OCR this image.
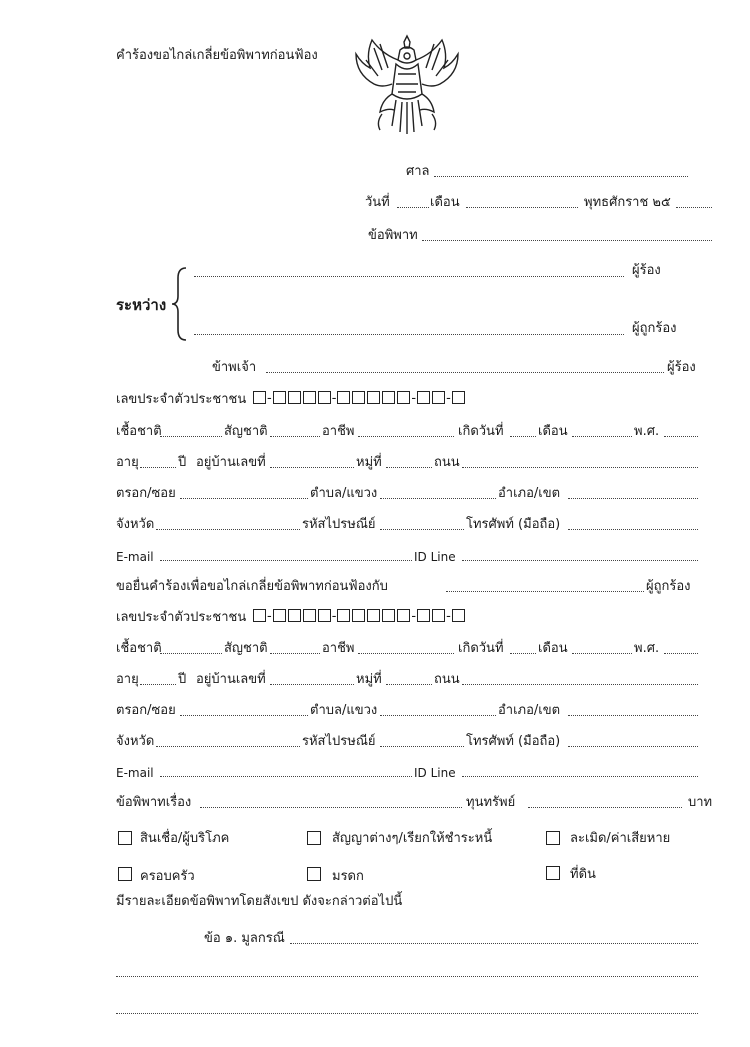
คำร้องขอไกล่เกลี่ยข้อพิพาทก่อนฟ้อง
ศาล
วันที่	เดือน	พุทธศักราช ๒๕
ข้อพิพาท
ระหว่าง
ผู้ร้อง
ผู้ถูกร้อง
ข้าพเจ้า	ผู้ร้อง
เลขประจำตัวประชาชน	-	-	- -
เชื้อชาติ	สัญชาติ	อาชีพ	เกิดวันที่	เดือน	พ.ศ.
อายุ	ปี อยู่บ้านเลขที่	หมู่ที่	ถนน
ตรอก/ซอย	ตำบล/แขวง	อำเภอ/เขต
จังหวัด	รหัสไปรษณีย์	โทรศัพท์ (มือถือ)
E-mail	ID Line
ขอยื่นคำร้องเพื่อขอไกล่เกลี่ยข้อพิพาทก่อนฟ้องกับ	ผู้ถูกร้อง
เลขประจำตัวประชาชน	-	-	- -
เชื้อชาติ	สัญชาติ	อาชีพ	เกิดวันที่	เดือน	พ.ศ.
อายุ	ปี อยู่บ้านเลขที่	หมู่ที่	ถนน
ตรอก/ซอย	ตำบล/แขวง	อำเภอ/เขต
จังหวัด	รหัสไปรษณีย์	โทรศัพท์ (มือถือ)
E-mail	ID Line
ข้อพิพาทเรื่อง	ทุนทรัพย์	บาท
สินเชื่อ/ผู้บริโภค	สัญญาต่างๆ/เรียกให้ชำระหนี้	ละเมิด/ค่าเสียหาย
ครอบครัว	มรดก	ที่ดิน
มีรายละเอียดข้อพิพาทโดยสังเขป ดังจะกล่าวต่อไปนี้
ข้อ ๑. มูลกรณี
